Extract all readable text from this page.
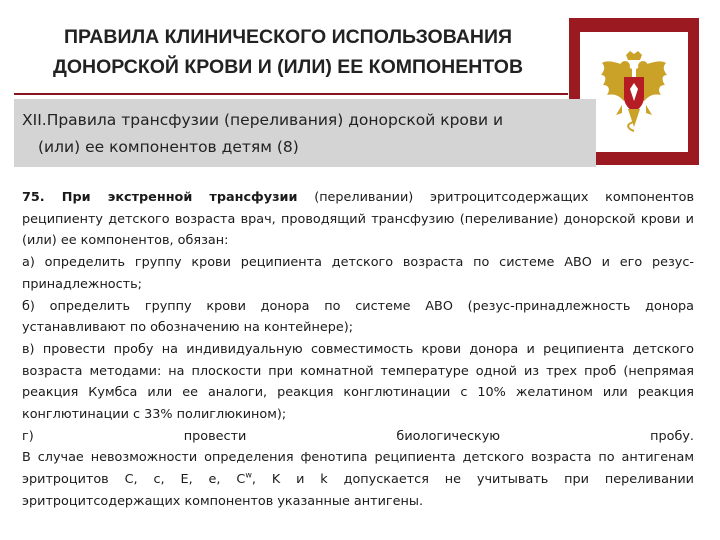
ПРАВИЛА КЛИНИЧЕСКОГО ИСПОЛЬЗОВАНИЯ
ДОНОРСКОЙ КРОВИ И (ИЛИ) ЕЕ КОМПОНЕНТОВ
XII.Правила трансфузии (переливания) донорской крови и
(или) ее компонентов детям (8)

75. При экстренной трансфузии (переливании) эритроцитсодержащих компонентов реципиенту детского возраста врач, проводящий трансфузию (переливание) донорской крови и (или) ее компонентов, обязан:

а) определить группу крови реципиента детского возраста по системе АВО и его резус-принадлежность;

б) определить группу крови донора по системе АВО (резус-принадлежность донора устанавливают по обозначению на контейнере);

в) провести пробу на индивидуальную совместимость крови донора и реципиента детского возраста методами: на плоскости при комнатной температуре одной из трех проб (непрямая реакция Кумбса или ее аналоги, реакция конглютинации с 10% желатином или реакция конглютинации с 33% полиглюкином);

г) провести биологическую пробу.

В случае невозможности определения фенотипа реципиента детского возраста по антигенам эритроцитов C, c, E, e, $C^w$, K и k допускается не учитывать при переливании эритроцитсодержащих компонентов указанные антигены.
